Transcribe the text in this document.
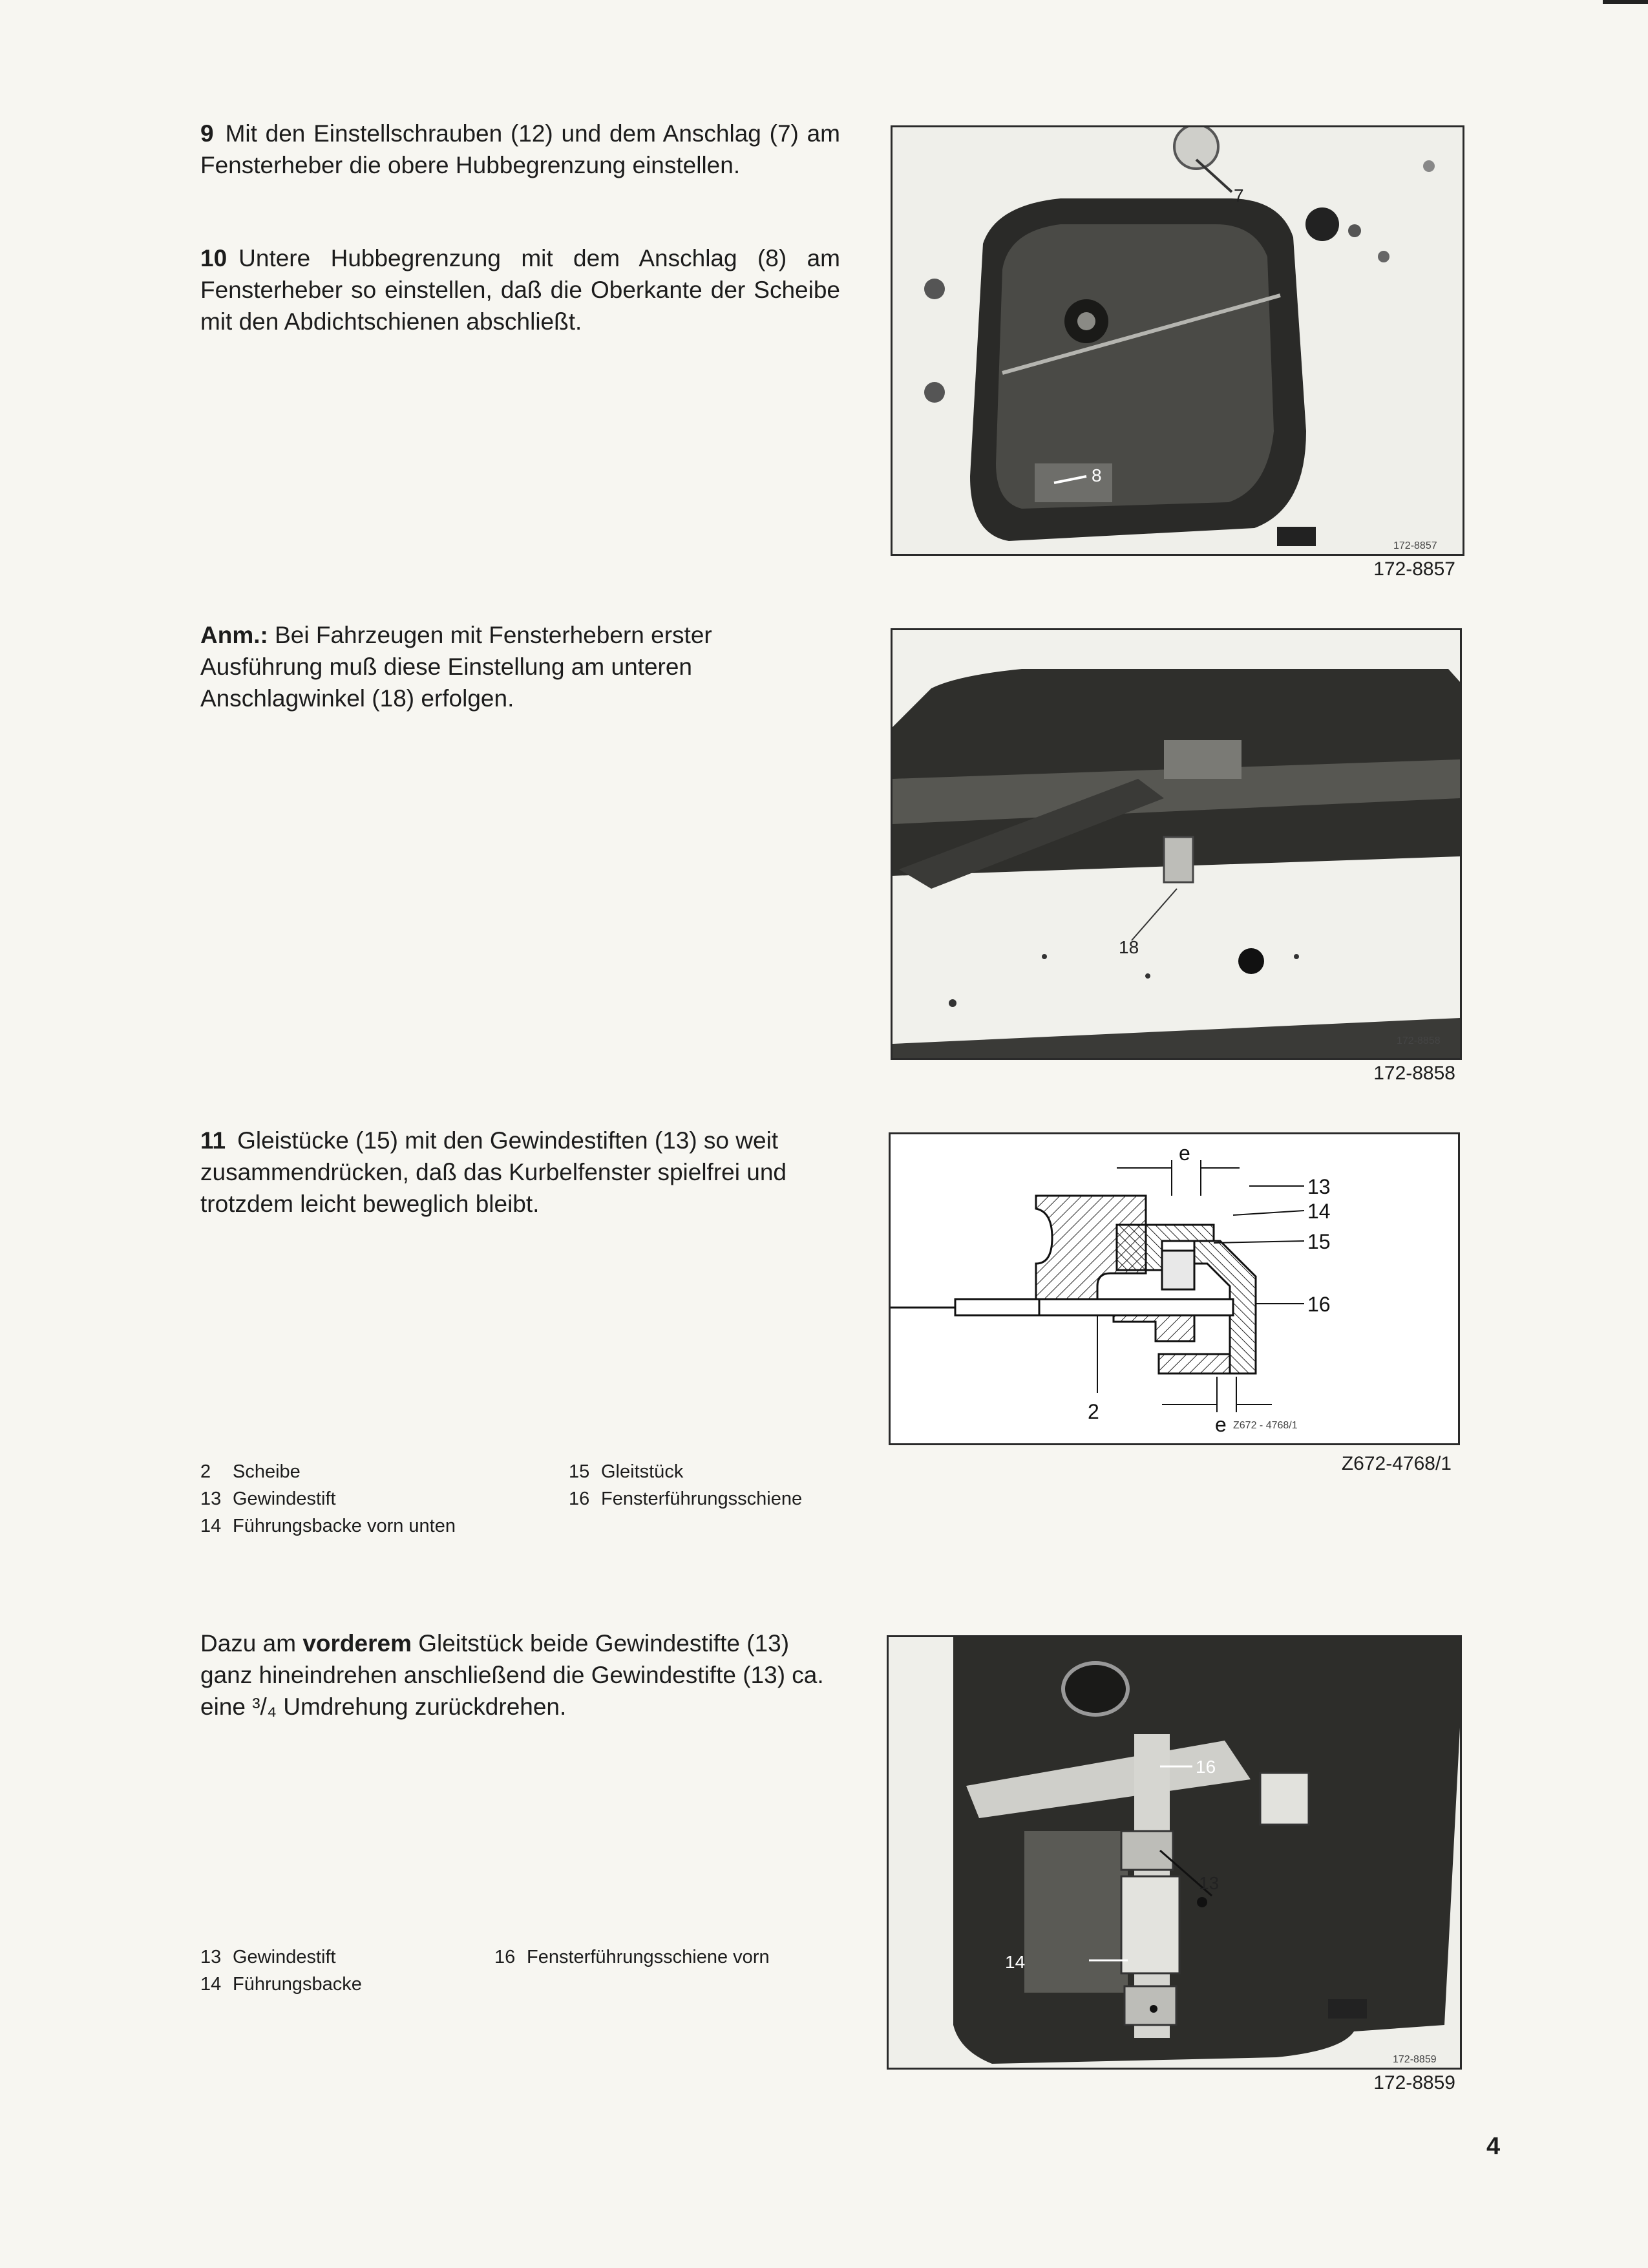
9 Mit den Einstellschrauben (12) und dem Anschlag (7) am Fensterheber die obere Hubbegrenzung einstellen.

10 Untere Hubbegrenzung mit dem Anschlag (8) am Fensterheber so einstellen, daß die Oberkante der Scheibe mit den Abdichtschienen abschließt.

7
8
172-8857
172-8857

Anm.: Bei Fahrzeugen mit Fensterhebern erster Ausführung muß diese Einstellung am unteren Anschlagwinkel (18) erfolgen.

18
172-8858
172-8858

11 Gleistücke (15) mit den Gewindestiften (13) so weit zusammendrücken, daß das Kurbelfenster spielfrei und trotzdem leicht beweglich bleibt.

e
e
13
14
15
16
2
Z672 - 4768/1
Z672-4768/1
2 Scheibe
13 Gewindestift
14 Führungsbacke vorn unten
15 Gleitstück
16 Fensterführungsschiene

Dazu am vorderem Gleitstück beide Gewindestifte (13) ganz hineindrehen anschließend die Gewindestifte (13) ca. eine ³/₄ Umdrehung zurückdrehen.

16
13
14
172-8859
172-8859
13 Gewindestift
14 Führungsbacke
16 Fensterführungsschiene vorn
4
